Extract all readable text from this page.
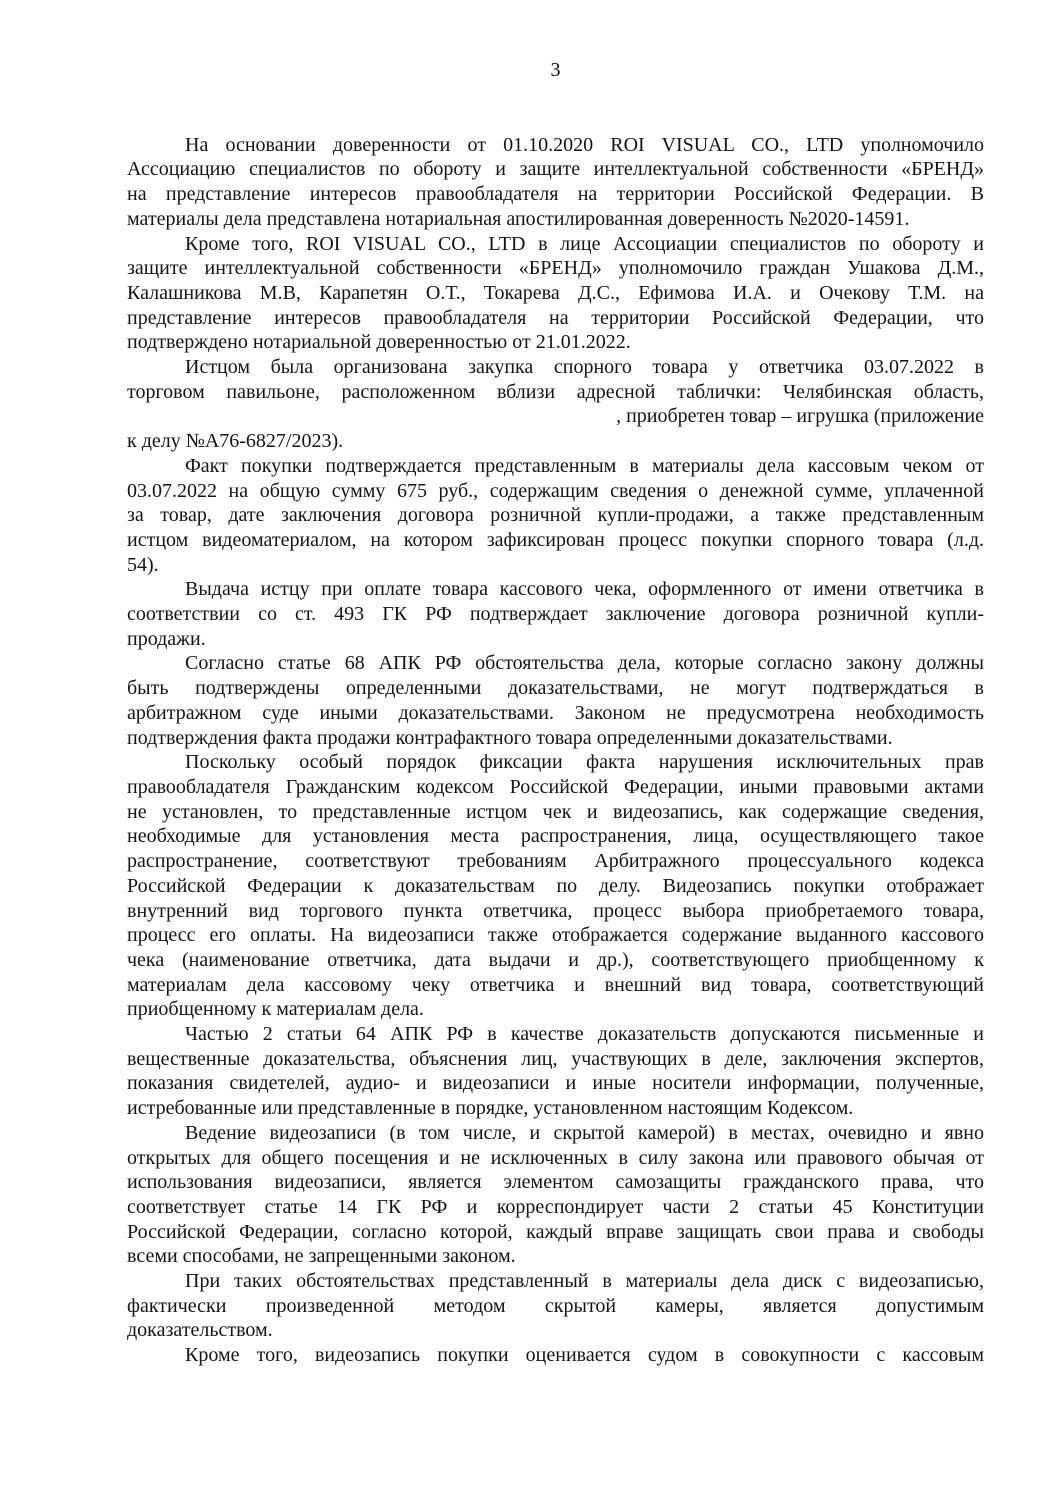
3
На основании доверенности от 01.10.2020 ROI VISUAL CO., LTD уполномочило
Ассоциацию специалистов по обороту и защите интеллектуальной собственности «БРЕНД»
на представление интересов правообладателя на территории Российской Федерации. В
материалы дела представлена нотариальная апостилированная доверенность №2020-14591.
Кроме того, ROI VISUAL CO., LTD в лице Ассоциации специалистов по обороту и
защите интеллектуальной собственности «БРЕНД» уполномочило граждан Ушакова Д.М.,
Калашникова М.В, Карапетян О.Т., Токарева Д.С., Ефимова И.А. и Очекову Т.М. на
представление интересов правообладателя на территории Российской Федерации, что
подтверждено нотариальной доверенностью от 21.01.2022.
Истцом была организована закупка спорного товара у ответчика 03.07.2022 в
торговом павильоне, расположенном вблизи адресной таблички: Челябинская область,
, приобретен товар – игрушка (приложение
к делу №А76-6827/2023).
Факт покупки подтверждается представленным в материалы дела кассовым чеком от
03.07.2022 на общую сумму 675 руб., содержащим сведения о денежной сумме, уплаченной
за товар, дате заключения договора розничной купли-продажи, а также представленным
истцом видеоматериалом, на котором зафиксирован процесс покупки спорного товара (л.д.
54).
Выдача истцу при оплате товара кассового чека, оформленного от имени ответчика в
соответствии со ст. 493 ГК РФ подтверждает заключение договора розничной купли-
продажи.
Согласно статье 68 АПК РФ обстоятельства дела, которые согласно закону должны
быть подтверждены определенными доказательствами, не могут подтверждаться в
арбитражном суде иными доказательствами. Законом не предусмотрена необходимость
подтверждения факта продажи контрафактного товара определенными доказательствами.
Поскольку особый порядок фиксации факта нарушения исключительных прав
правообладателя Гражданским кодексом Российской Федерации, иными правовыми актами
не установлен, то представленные истцом чек и видеозапись, как содержащие сведения,
необходимые для установления места распространения, лица, осуществляющего такое
распространение, соответствуют требованиям Арбитражного процессуального кодекса
Российской Федерации к доказательствам по делу. Видеозапись покупки отображает
внутренний вид торгового пункта ответчика, процесс выбора приобретаемого товара,
процесс его оплаты. На видеозаписи также отображается содержание выданного кассового
чека (наименование ответчика, дата выдачи и др.), соответствующего приобщенному к
материалам дела кассовому чеку ответчика и внешний вид товара, соответствующий
приобщенному к материалам дела.
Частью 2 статьи 64 АПК РФ в качестве доказательств допускаются письменные и
вещественные доказательства, объяснения лиц, участвующих в деле, заключения экспертов,
показания свидетелей, аудио- и видеозаписи и иные носители информации, полученные,
истребованные или представленные в порядке, установленном настоящим Кодексом.
Ведение видеозаписи (в том числе, и скрытой камерой) в местах, очевидно и явно
открытых для общего посещения и не исключенных в силу закона или правового обычая от
использования видеозаписи, является элементом самозащиты гражданского права, что
соответствует статье 14 ГК РФ и корреспондирует части 2 статьи 45 Конституции
Российской Федерации, согласно которой, каждый вправе защищать свои права и свободы
всеми способами, не запрещенными законом.
При таких обстоятельствах представленный в материалы дела диск с видеозаписью,
фактически произведенной методом скрытой камеры, является допустимым
доказательством.
Кроме того, видеозапись покупки оценивается судом в совокупности с кассовым
